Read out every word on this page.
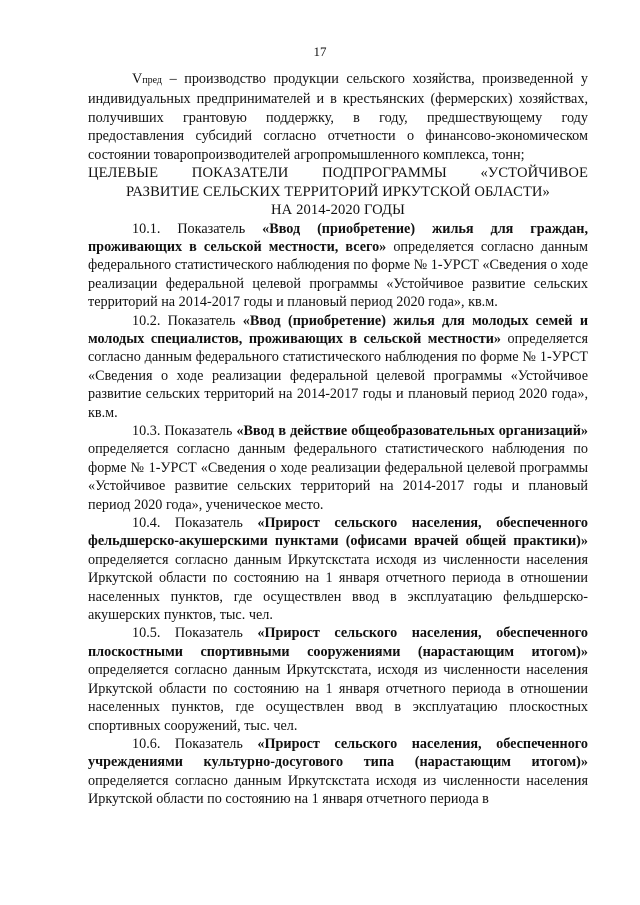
17

Vпред – производство продукции сельского хозяйства, произведенной у индивидуальных предпринимателей и в крестьянских (фермерских) хозяйствах, получивших грантовую поддержку, в году, предшествующему году предоставления субсидий согласно отчетности о финансово-экономическом состоянии товаропроизводителей агропромышленного комплекса, тонн;

ЦЕЛЕВЫЕ ПОКАЗАТЕЛИ ПОДПРОГРАММЫ «УСТОЙЧИВОЕ
РАЗВИТИЕ СЕЛЬСКИХ ТЕРРИТОРИЙ ИРКУТСКОЙ ОБЛАСТИ»
НА 2014-2020 ГОДЫ

10.1. Показатель «Ввод (приобретение) жилья для граждан, проживающих в сельской местности, всего» определяется согласно данным федерального статистического наблюдения по форме № 1-УРСТ «Сведения о ходе реализации федеральной целевой программы «Устойчивое развитие сельских территорий на 2014-2017 годы и плановый период 2020 года», кв.м.

10.2. Показатель «Ввод (приобретение) жилья для молодых семей и молодых специалистов, проживающих в сельской местности» определяется согласно данным федерального статистического наблюдения по форме № 1-УРСТ «Сведения о ходе реализации федеральной целевой программы «Устойчивое развитие сельских территорий на 2014-2017 годы и плановый период 2020 года», кв.м.

10.3. Показатель «Ввод в действие общеобразовательных организаций» определяется согласно данным федерального статистического наблюдения по форме № 1-УРСТ «Сведения о ходе реализации федеральной целевой программы «Устойчивое развитие сельских территорий на 2014-2017 годы и плановый период 2020 года», ученическое место.

10.4. Показатель «Прирост сельского населения, обеспеченного фельдшерско-акушерскими пунктами (офисами врачей общей практики)» определяется согласно данным Иркутскстата исходя из численности населения Иркутской области по состоянию на 1 января отчетного периода в отношении населенных пунктов, где осуществлен ввод в эксплуатацию фельдшерско-акушерских пунктов, тыс. чел.

10.5. Показатель «Прирост сельского населения, обеспеченного плоскостными спортивными сооружениями (нарастающим итогом)» определяется согласно данным Иркутскстата, исходя из численности населения Иркутской области по состоянию на 1 января отчетного периода в отношении населенных пунктов, где осуществлен ввод в эксплуатацию плоскостных спортивных сооружений, тыс. чел.

10.6. Показатель «Прирост сельского населения, обеспеченного учреждениями культурно-досугового типа (нарастающим итогом)» определяется согласно данным Иркутскстата исходя из численности населения Иркутской области по состоянию на 1 января отчетного периода в
